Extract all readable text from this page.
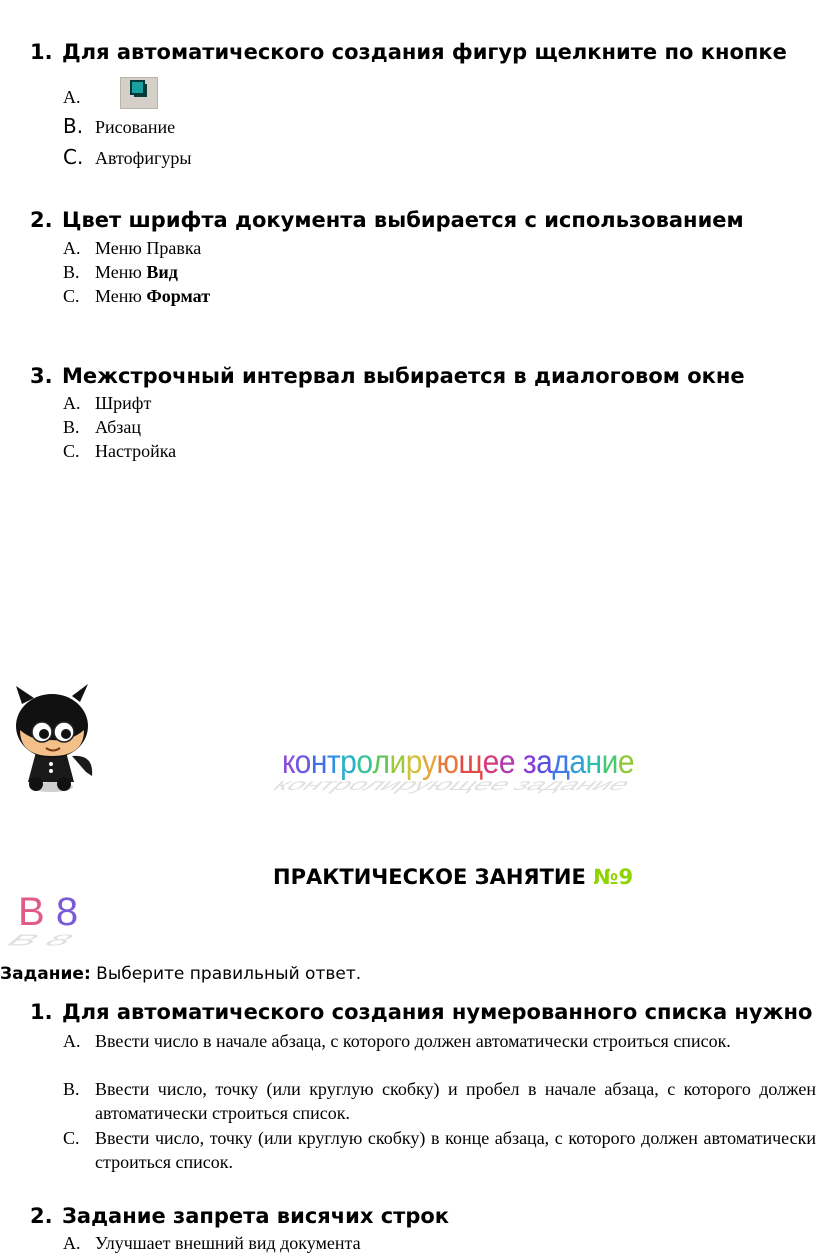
1. Для автоматического создания фигур щелкните по кнопке
A.
B. Рисование
C. Автофигуры
2. Цвет шрифта документа выбирается с использованием
A. Меню Правка
B. Меню Вид
C. Меню Формат
3. Межстрочный интервал выбирается в диалоговом окне
A. Шрифт
B. Абзац
C. Настройка
контролирующее задание
контролирующее задание
ПРАКТИЧЕСКОЕ ЗАНЯТИЕ №9
В 8
В 8
Задание: Выберите правильный ответ.
1. Для автоматического создания нумерованного списка нужно
A. Ввести число в начале абзаца, с которого должен автоматически строиться список.
B. Ввести число, точку (или круглую скобку) и пробел в начале абзаца, с которого должен автоматически строиться список.
C. Ввести число, точку (или круглую скобку) в конце абзаца, с которого должен автоматически строиться список.
2. Задание запрета висячих строк
A. Улучшает внешний вид документа
